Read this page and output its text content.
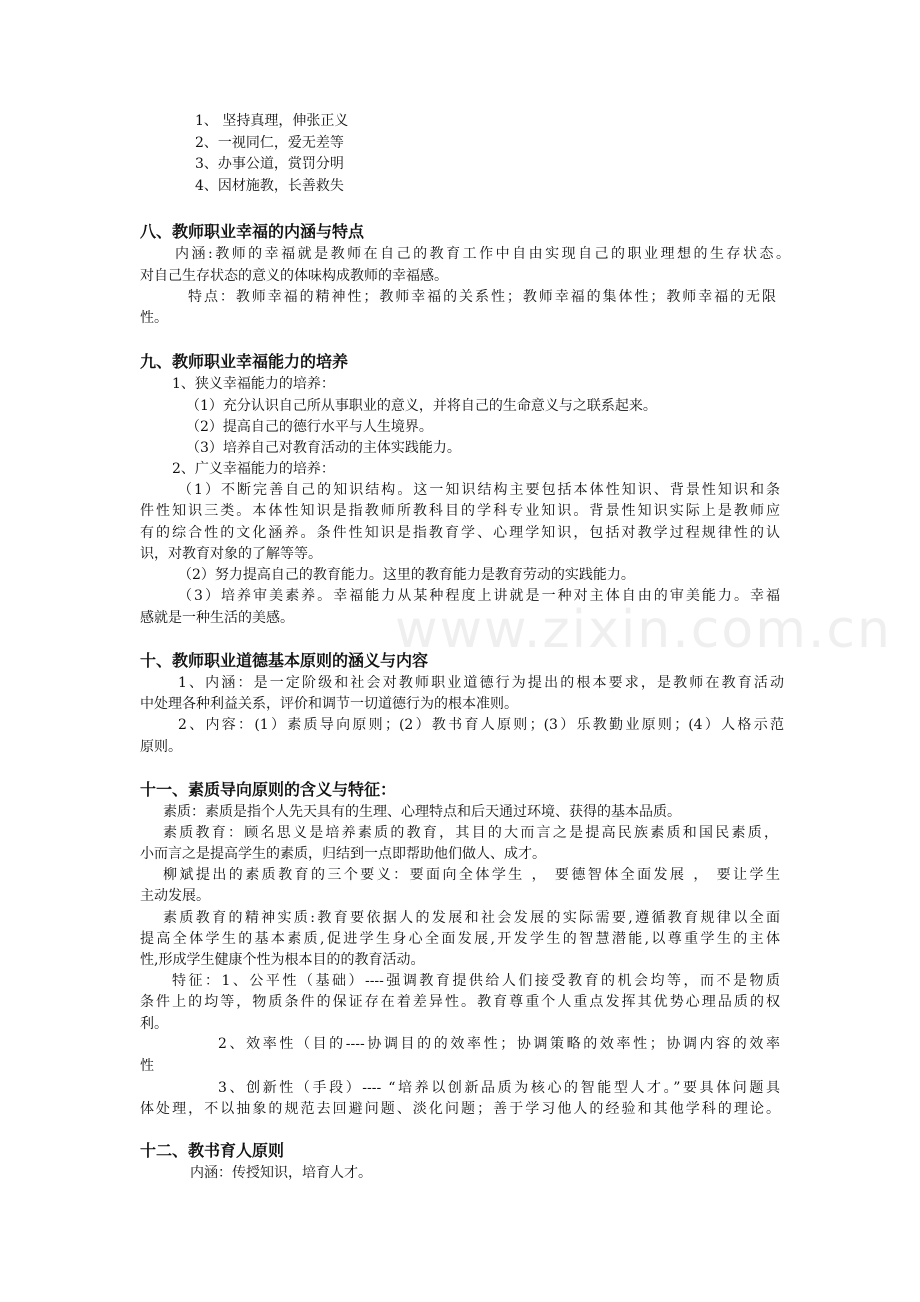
www.zixin.com.cn
1、 坚持真理，伸张正义
2、一视同仁，爱无差等
3、办事公道，赏罚分明
4、因材施教，长善救失
八、教师职业幸福的内涵与特点
内涵:教师的幸福就是教师在自己的教育工作中自由实现自己的职业理想的生存状态。
对自己生存状态的意义的体味构成教师的幸福感。
特点：教师幸福的精神性；教师幸福的关系性；教师幸福的集体性；教师幸福的无限
性。
九、教师职业幸福能力的培养
1、狭义幸福能力的培养：
（1）充分认识自己所从事职业的意义，并将自己的生命意义与之联系起来。
（2）提高自己的德行水平与人生境界。
（3）培养自己对教育活动的主体实践能力。
2、广义幸福能力的培养：
（1）不断完善自己的知识结构。这一知识结构主要包括本体性知识、背景性知识和条
件性知识三类。本体性知识是指教师所教科目的学科专业知识。背景性知识实际上是教师应
有的综合性的文化涵养。条件性知识是指教育学、心理学知识，包括对教学过程规律性的认
识，对教育对象的了解等等。
（2）努力提高自己的教育能力。这里的教育能力是教育劳动的实践能力。
（3）培养审美素养。幸福能力从某种程度上讲就是一种对主体自由的审美能力。幸福
感就是一种生活的美感。
十、教师职业道德基本原则的涵义与内容
1、内涵：是一定阶级和社会对教师职业道德行为提出的根本要求，是教师在教育活动
中处理各种利益关系，评价和调节一切道德行为的根本准则。
2、内容：(1）素质导向原则；(2）教书育人原则；(3）乐教勤业原则；(4）人格示范
原则。
十一、素质导向原则的含义与特征：
素质：素质是指个人先天具有的生理、心理特点和后天通过环境、获得的基本品质。
素质教育：顾名思义是培养素质的教育，其目的大而言之是提高民族素质和国民素质，
小而言之是提高学生的素质，归结到一点即帮助他们做人、成才。
柳斌提出的素质教育的三个要义：要面向全体学生 ， 要德智体全面发展 ， 要让学生
主动发展。
素质教育的精神实质:教育要依据人的发展和社会发展的实际需要,遵循教育规律以全面
提高全体学生的基本素质,促进学生身心全面发展,开发学生的智慧潜能,以尊重学生的主体
性,形成学生健康个性为根本目的的教育活动。
特征：1、公平性（基础）----强调教育提供给人们接受教育的机会均等，而不是物质
条件上的均等，物质条件的保证存在着差异性。教育尊重个人重点发挥其优势心理品质的权
利。
2、效率性（目的----协调目的的效率性；协调策略的效率性；协调内容的效率
性
3、创新性（手段）---- “培养以创新品质为核心的智能型人才。”要具体问题具
体处理，不以抽象的规范去回避问题、淡化问题；善于学习他人的经验和其他学科的理论。
十二、教书育人原则
内涵：传授知识，培育人才。
